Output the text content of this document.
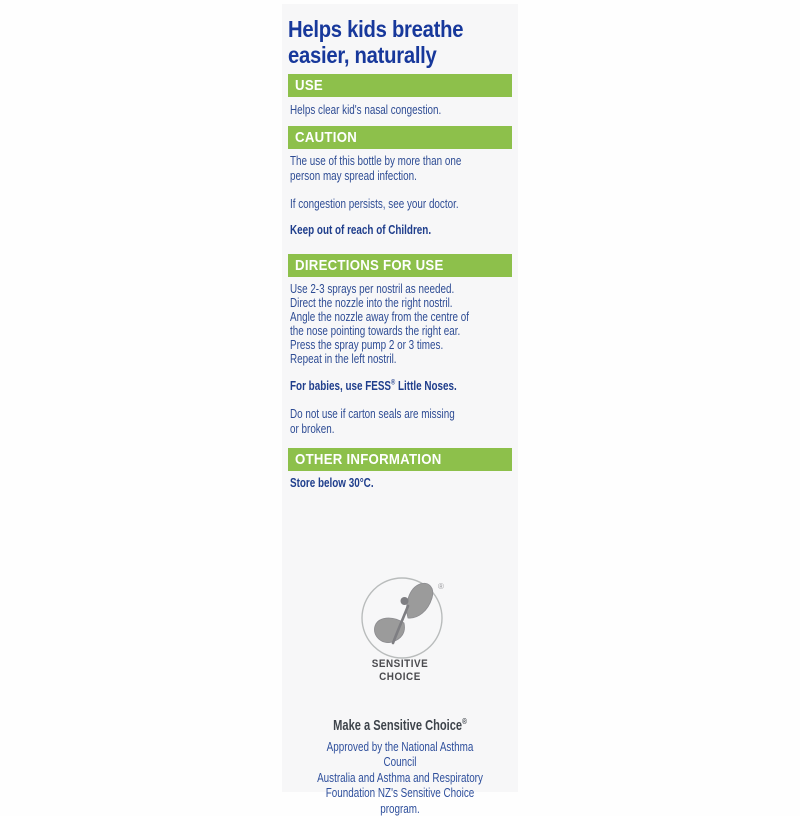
Helps kids breathe
easier, naturally
USE
Helps clear kid's nasal congestion.
CAUTION
The use of this bottle by more than one
person may spread infection.
If congestion persists, see your doctor.
Keep out of reach of Children.
DIRECTIONS FOR USE
Use 2-3 sprays per nostril as needed.
Direct the nozzle into the right nostril.
Angle the nozzle away from the centre of
the nose pointing towards the right ear.
Press the spray pump 2 or 3 times.
Repeat in the left nostril.
For babies, use FESS® Little Noses.
Do not use if carton seals are missing
or broken.
OTHER INFORMATION
Store below 30°C.
®
SENSITIVE
CHOICE
Make a Sensitive Choice®
Approved by the National Asthma Council
Australia and Asthma and Respiratory
Foundation NZ's Sensitive Choice program.
